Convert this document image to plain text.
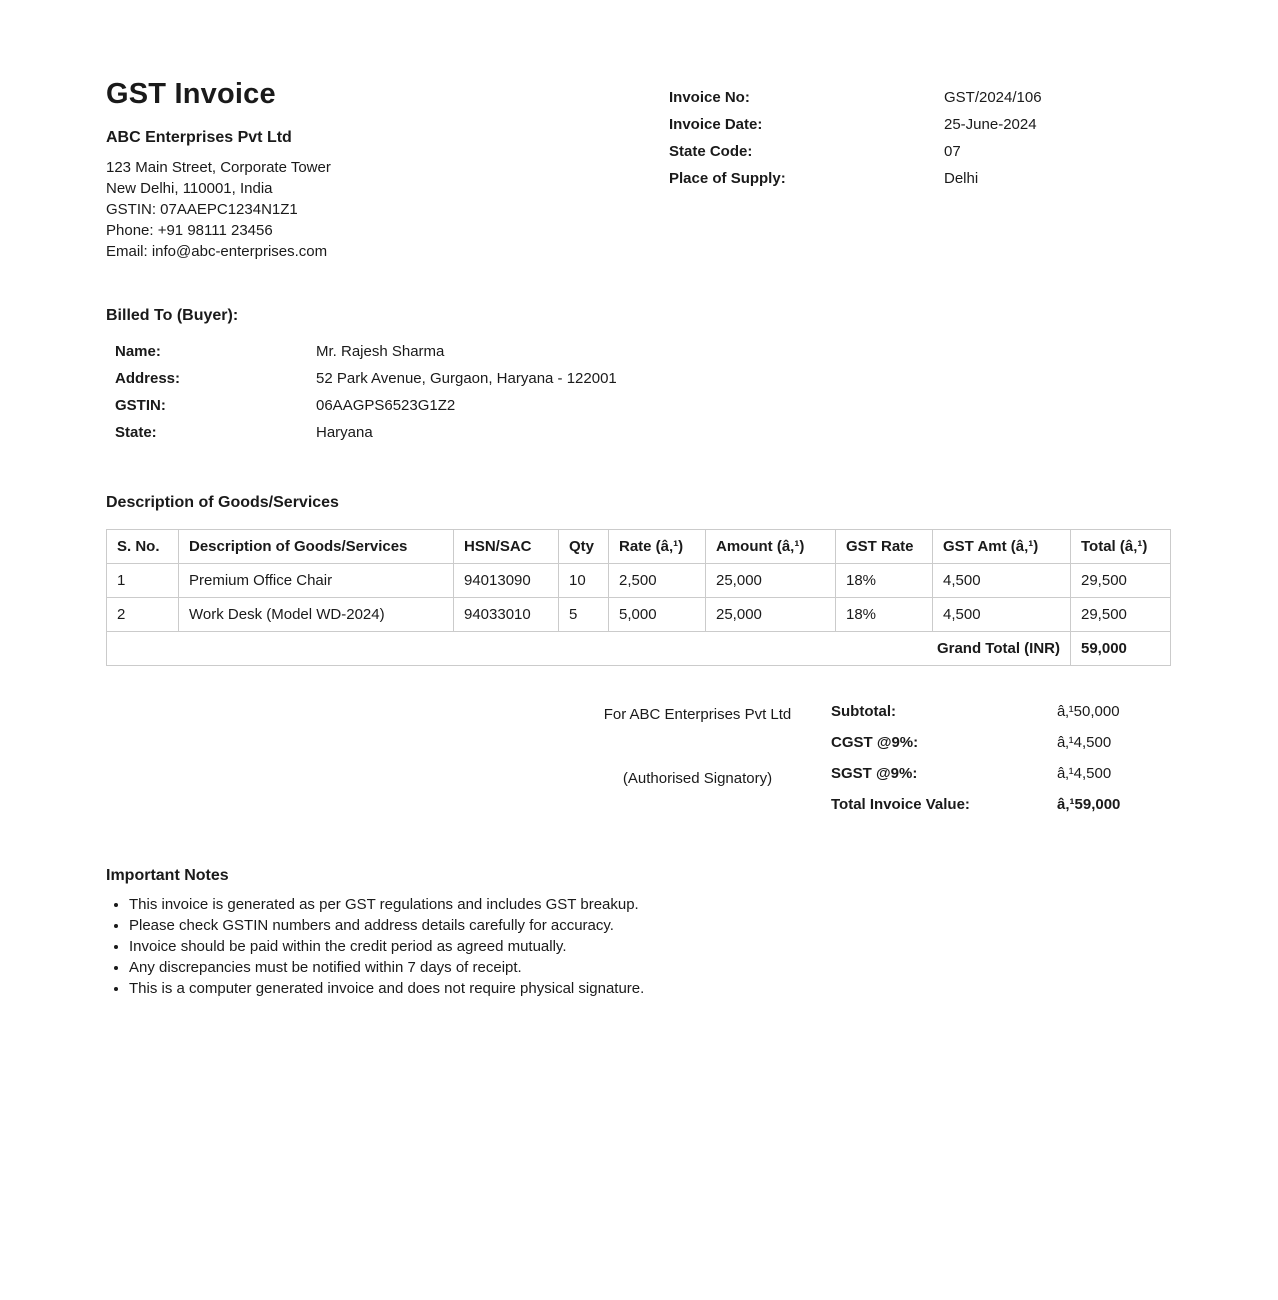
GST Invoice
ABC Enterprises Pvt Ltd
123 Main Street, Corporate Tower
New Delhi, 110001, India
GSTIN: 07AAEPC1234N1Z1
Phone: +91 98111 23456
Email: info@abc-enterprises.com
Invoice No:	GST/2024/106
Invoice Date:	25-June-2024
State Code:	07
Place of Supply:	Delhi
Billed To (Buyer):
Name:	Mr. Rajesh Sharma
Address:	52 Park Avenue, Gurgaon, Haryana - 122001
GSTIN:	06AAGPS6523G1Z2
State:	Haryana
Description of Goods/Services
S. No.	Description of Goods/Services	HSN/SAC	Qty	Rate (â‚¹)	Amount (â‚¹)	GST Rate	GST Amt (â‚¹)	Total (â‚¹)
1	Premium Office Chair	94013090	10	2,500	25,000	18%	4,500	29,500
2	Work Desk (Model WD-2024)	94033010	5	5,000	25,000	18%	4,500	29,500
Grand Total (INR)								59,000
For ABC Enterprises Pvt Ltd
(Authorised Signatory)
Subtotal:	â‚¹50,000
CGST @9%:	â‚¹4,500
SGST @9%:	â‚¹4,500
Total Invoice Value:	â‚¹59,000
Important Notes
• This invoice is generated as per GST regulations and includes GST breakup.
• Please check GSTIN numbers and address details carefully for accuracy.
• Invoice should be paid within the credit period as agreed mutually.
• Any discrepancies must be notified within 7 days of receipt.
• This is a computer generated invoice and does not require physical signature.
